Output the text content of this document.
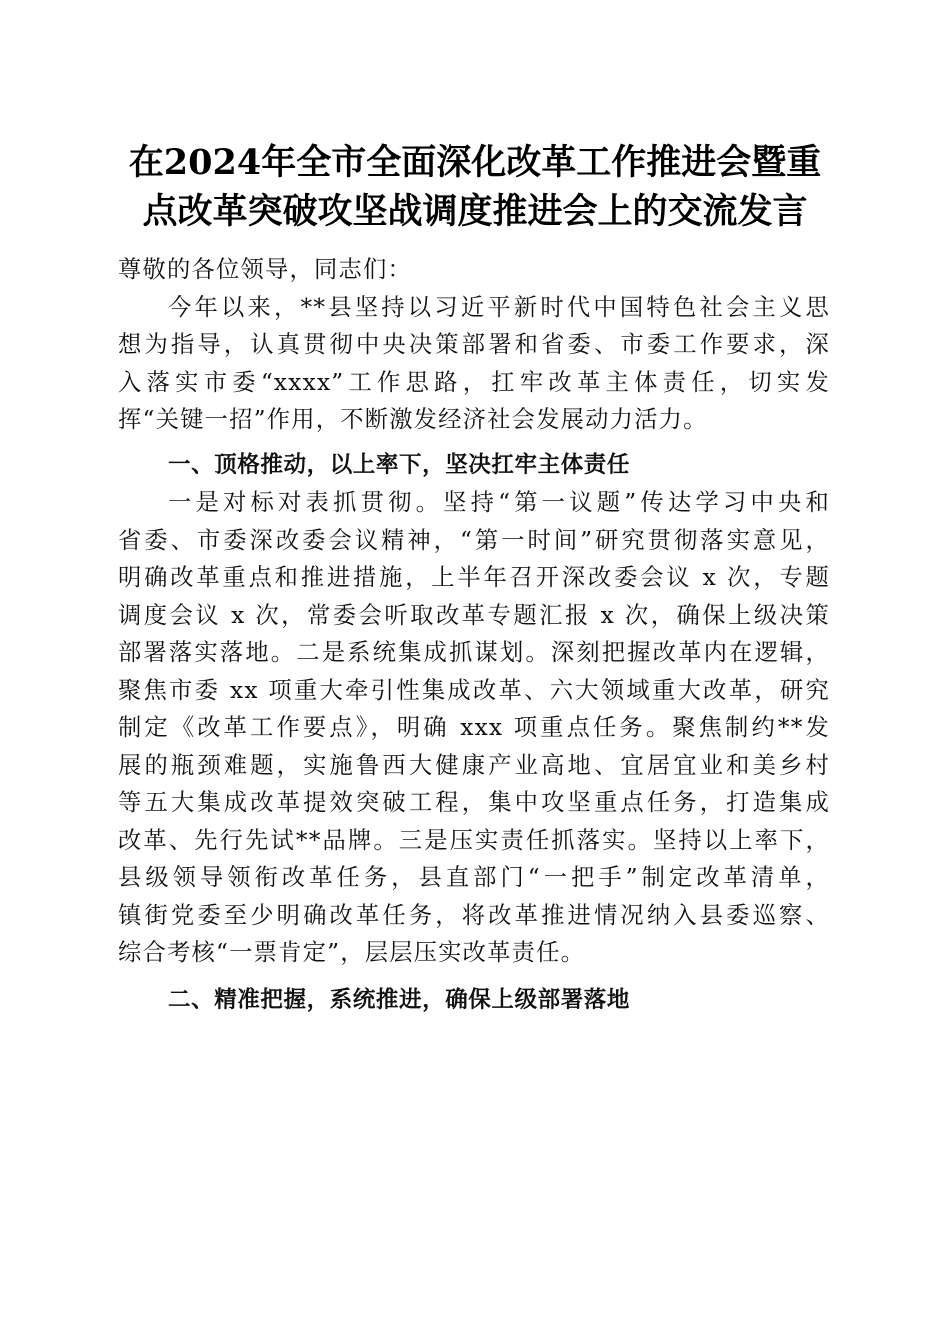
在2024年全市全面深化改革工作推进会暨重
点改革突破攻坚战调度推进会上的交流发言
尊敬的各位领导，同志们：
今年以来，**县坚持以习近平新时代中国特色社会主义思
想为指导，认真贯彻中央决策部署和省委、市委工作要求，深
入落实市委“xxxx”工作思路，扛牢改革主体责任，切实发
挥“关键一招”作用，不断激发经济社会发展动力活力。
一、顶格推动，以上率下，坚决扛牢主体责任
一是对标对表抓贯彻。坚持“第一议题”传达学习中央和
省委、市委深改委会议精神，“第一时间”研究贯彻落实意见，
明确改革重点和推进措施，上半年召开深改委会议 x 次，专题
调度会议 x 次，常委会听取改革专题汇报 x 次，确保上级决策
部署落实落地。二是系统集成抓谋划。深刻把握改革内在逻辑，
聚焦市委 xx 项重大牵引性集成改革、六大领域重大改革，研究
制定《改革工作要点》，明确 xxx 项重点任务。聚焦制约**发
展的瓶颈难题，实施鲁西大健康产业高地、宜居宜业和美乡村
等五大集成改革提效突破工程，集中攻坚重点任务，打造集成
改革、先行先试**品牌。三是压实责任抓落实。坚持以上率下，
县级领导领衔改革任务，县直部门“一把手”制定改革清单，
镇街党委至少明确改革任务，将改革推进情况纳入县委巡察、
综合考核“一票肯定”，层层压实改革责任。
二、精准把握，系统推进，确保上级部署落地
